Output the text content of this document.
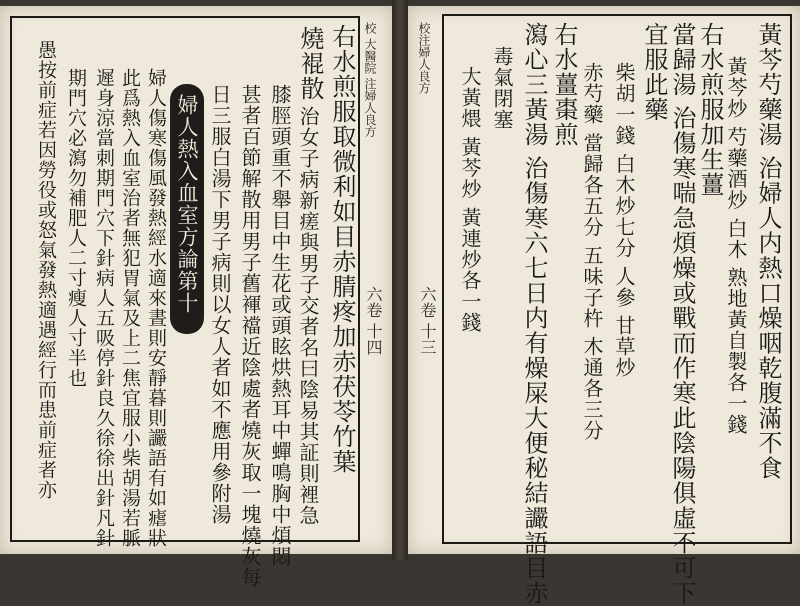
校 大醫院 注婦人良方
六卷 十四
右水煎服取微利如目赤腈疼加赤茯苓竹葉
燒裩散
膝脛頭重不舉目中生花或頭眩烘熱耳中蟬鳴胸中煩悶 治女子病新瘥與男子交者名曰陰易其証則裡急
甚者百節解散用男子舊褌襠近陰處者燒灰取一塊燒灰每
日三服白湯下男子病則以女人者如不應用參附湯
婦人熱入血室方論第十
婦人傷寒傷風發熱經水適來晝則安靜暮則讝語有如瘧狀
此爲熱入血室治者無犯胃氣及上二焦宜服小柴胡湯若脈
遲身涼當刺期門穴下針病人五吸停針良久徐徐出針凡針
期門穴必瀉勿補肥人二寸瘦人寸半也
愚按前症若因勞役或怒氣發熱適遇經行而患前症者亦	校注婦人良方
六卷 十三	黃芩芍藥湯 治婦人内熱口燥咽乾腹滿不食
黃芩炒 芍藥酒炒 白木 熟地黃自製各一錢
右水煎服加生薑
當歸湯 治傷寒喘急煩燥或戰而作寒此陰陽俱虛不可下
宜服此藥
柴胡一錢 白木炒七分 人參 甘草炒
赤芍藥 當歸各五分 五味子杵 木通各三分
右水薑棗煎
瀉心三黃湯 治傷寒六七日内有燥屎大便秘結讝語目赤
毒氣閉塞
大黃煨 黃芩炒 黃連炒各一錢
